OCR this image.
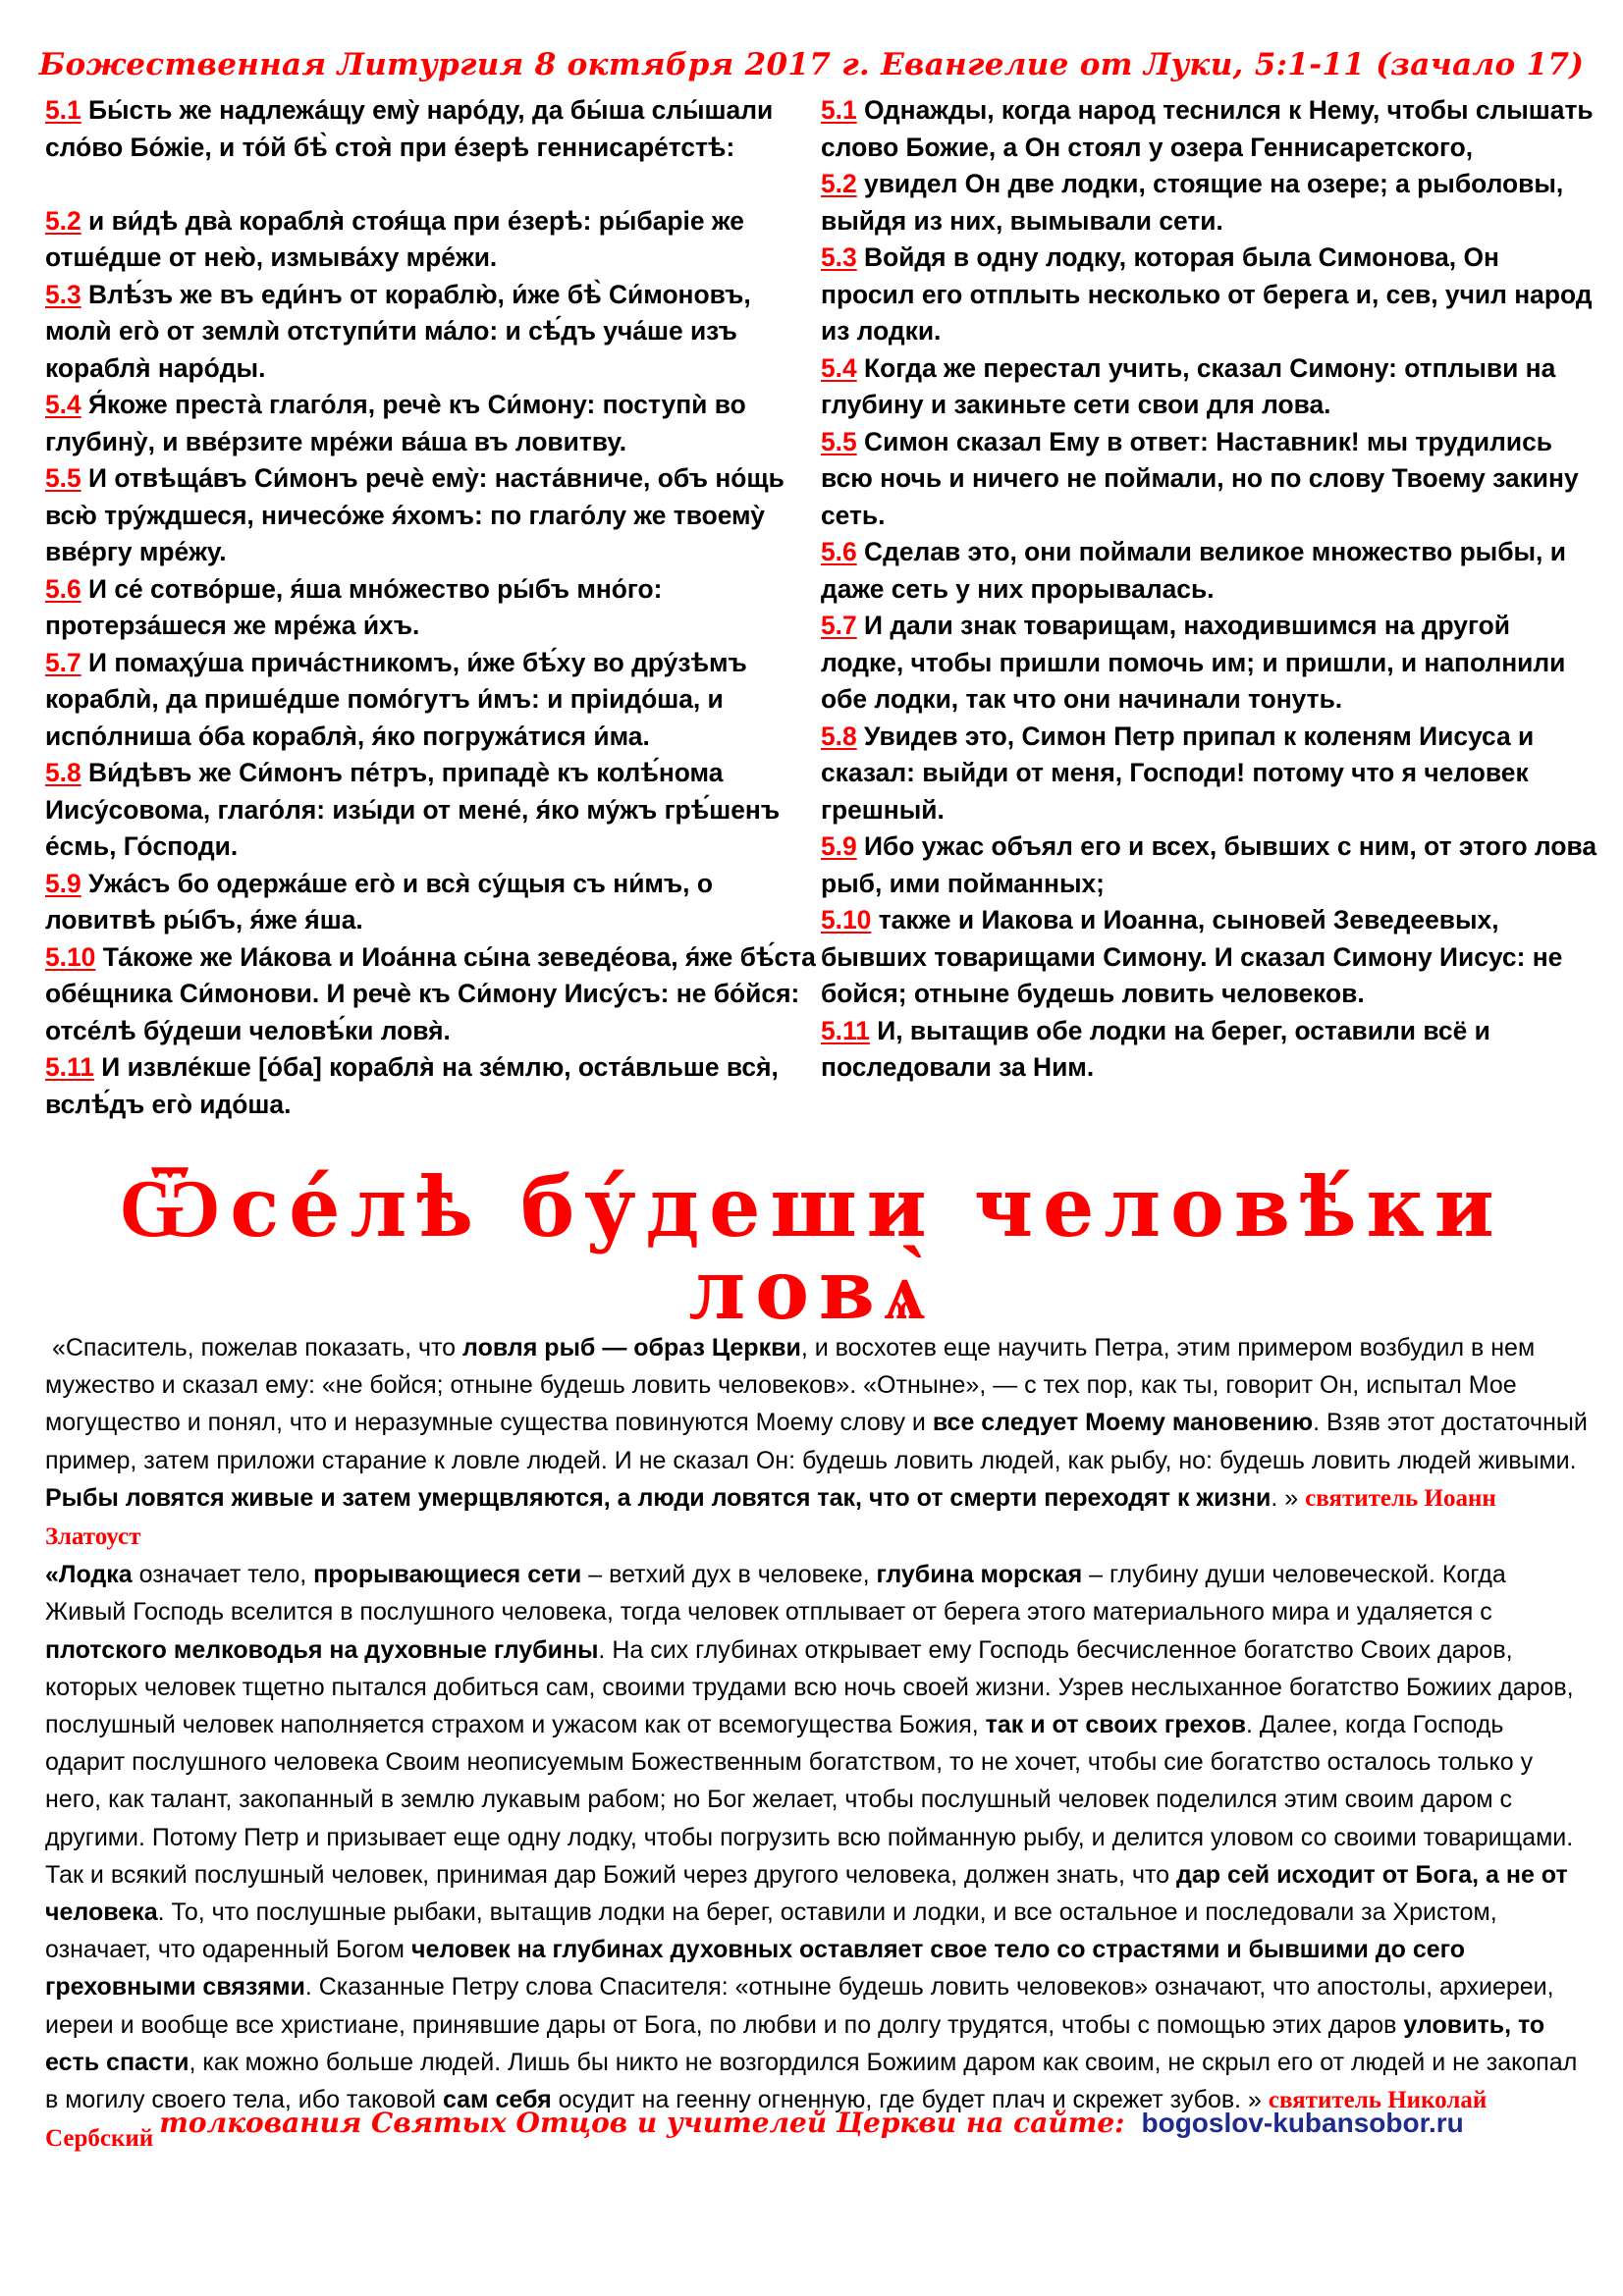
Божественная Литургия 8 октября 2017 г. Евангелие от Луки, 5:1-11 (зачало 17)

5.1 Бы́сть же надлежа́щу ему̀ наро́ду, да бы́ша слы́шали сло́во Бо́жіе, и то́й бѣ̀ стоя̀ при е́зерѣ геннисаре́тстѣ:

5.2 и ви́дѣ два̀ корабля̀ стоя́ща при е́зерѣ: ры́баріе же отше́дше от нею̀, измыва́ху мре́жи.

5.3 Влѣ́зъ же въ еди́нъ от кораблю̀, и́же бѣ̀ Си́моновъ, молѝ его̀ от землѝ отступи́ти ма́ло: и сѣ́дъ уча́ше изъ корабля̀ наро́ды.

5.4 Я́коже преста̀ глаго́ля, речѐ къ Си́мону: поступѝ во глубину̀, и вве́рзите мре́жи ва́ша въ ловитву.

5.5 И отвѣща́въ Си́монъ речѐ ему̀: наста́вниче, объ но́щь всю̀ тру́ждшеся, ничесо́же я́хомъ: по глаго́лу же твоему̀ вве́ргу мре́жу.

5.6 И се́ сотво́рше, я́ша мно́жество ры́бъ мно́го: протерза́шеся же мре́жа и́хъ.

5.7 И помаҳу́ша прича́стникомъ, и́же бѣ́ху во дру́зѣмъ кораблѝ, да прише́дше помо́гутъ и́мъ: и пріидо́ша, и испо́лниша о́ба корабля̀, я́ко погружа́тися и́ма.

5.8 Ви́дѣвъ же Си́монъ пе́тръ, припадѐ къ колѣ́нома Иису́совома, глаго́ля: изы́ди от мене́, я́ко му́жъ грѣ́шенъ е́смь, Го́споди.

5.9 Ужа́съ бо одержа́ше его̀ и вся̀ су́щыя съ ни́мъ, о ловитвѣ ры́бъ, я́же я́ша.

5.10 Та́коже же Иа́кова и Иоа́нна сы́на зеведе́ова, я́же бѣ́ста обе́щника Си́монови. И речѐ къ Си́мону Иису́съ: не бо́йся: отсе́лѣ бу́деши человѣ́ки ловя̀.

5.11 И извле́кше [о́ба] корабля̀ на зе́млю, оста́вльше вся̀, вслѣ́дъ его̀ идо́ша.

5.1 Однажды, когда народ теснился к Нему, чтобы слышать слово Божие, а Он стоял у озера Геннисаретского,

5.2 увидел Он две лодки, стоящие на озере; а рыболовы, выйдя из них, вымывали сети.

5.3 Войдя в одну лодку, которая была Симонова, Он просил его отплыть несколько от берега и, сев, учил народ из лодки.

5.4 Когда же перестал учить, сказал Симону: отплыви на глубину и закиньте сети свои для лова.

5.5 Симон сказал Ему в ответ: Наставник! мы трудились всю ночь и ничего не поймали, но по слову Твоему закину сеть.

5.6 Сделав это, они поймали великое множество рыбы, и даже сеть у них прорывалась.

5.7 И дали знак товарищам, находившимся на другой лодке, чтобы пришли помочь им; и пришли, и наполнили обе лодки, так что они начинали тонуть.

5.8 Увидев это, Симон Петр припал к коленям Иисуса и сказал: выйди от меня, Господи! потому что я человек грешный.

5.9 Ибо ужас объял его и всех, бывших с ним, от этого лова рыб, ими пойманных;

5.10 также и Иакова и Иоанна, сыновей Зеведеевых, бывших товарищами Симону. И сказал Симону Иисус: не бойся; отныне будешь ловить человеков.

5.11 И, вытащив обе лодки на берег, оставили всё и последовали за Ним.

Ѿсе́лѣ бу́деши человѣ́ки ловѧ̀

«Спаситель, пожелав показать, что ловля рыб — образ Церкви, и восхотев еще научить Петра, этим примером возбудил в нем мужество и сказал ему: «не бойся; отныне будешь ловить человеков». «Отныне», — с тех пор, как ты, говорит Он, испытал Мое могущество и понял, что и неразумные существа повинуются Моему слову и все следует Моему мановению. Взяв этот достаточный пример, затем приложи старание к ловле людей. И не сказал Он: будешь ловить людей, как рыбу, но: будешь ловить людей живыми. Рыбы ловятся живые и затем умерщвляются, а люди ловятся так, что от смерти переходят к жизни. » святитель Иоанн Златоуст

«Лодка означает тело, прорывающиеся сети – ветхий дух в человеке, глубина морская – глубину души человеческой. Когда Живый Господь вселится в послушного человека, тогда человек отплывает от берега этого материального мира и удаляется с плотского мелководья на духовные глубины. На сих глубинах открывает ему Господь бесчисленное богатство Своих даров, которых человек тщетно пытался добиться сам, своими трудами всю ночь своей жизни. Узрев неслыханное богатство Божиих даров, послушный человек наполняется страхом и ужасом как от всемогущества Божия, так и от своих грехов. Далее, когда Господь одарит послушного человека Своим неописуемым Божественным богатством, то не хочет, чтобы сие богатство осталось только у него, как талант, закопанный в землю лукавым рабом; но Бог желает, чтобы послушный человек поделился этим своим даром с другими. Потому Петр и призывает еще одну лодку, чтобы погрузить всю пойманную рыбу, и делится уловом со своими товарищами. Так и всякий послушный человек, принимая дар Божий через другого человека, должен знать, что дар сей исходит от Бога, а не от человека. То, что послушные рыбаки, вытащив лодки на берег, оставили и лодки, и все остальное и последовали за Христом, означает, что одаренный Богом человек на глубинах духовных оставляет свое тело со страстями и бывшими до сего греховными связями. Сказанные Петру слова Спасителя: «отныне будешь ловить человеков» означают, что апостолы, архиереи, иереи и вообще все христиане, принявшие дары от Бога, по любви и по долгу трудятся, чтобы с помощью этих даров уловить, то есть спасти, как можно больше людей. Лишь бы никто не возгордился Божиим даром как своим, не скрыл его от людей и не закопал в могилу своего тела, ибо таковой сам себя осудит на геенну огненную, где будет плач и скрежет зубов. » святитель Николай Сербский толкования Святых Отцов и учителей Церкви на сайте: bogoslov-kubansobor.ru
